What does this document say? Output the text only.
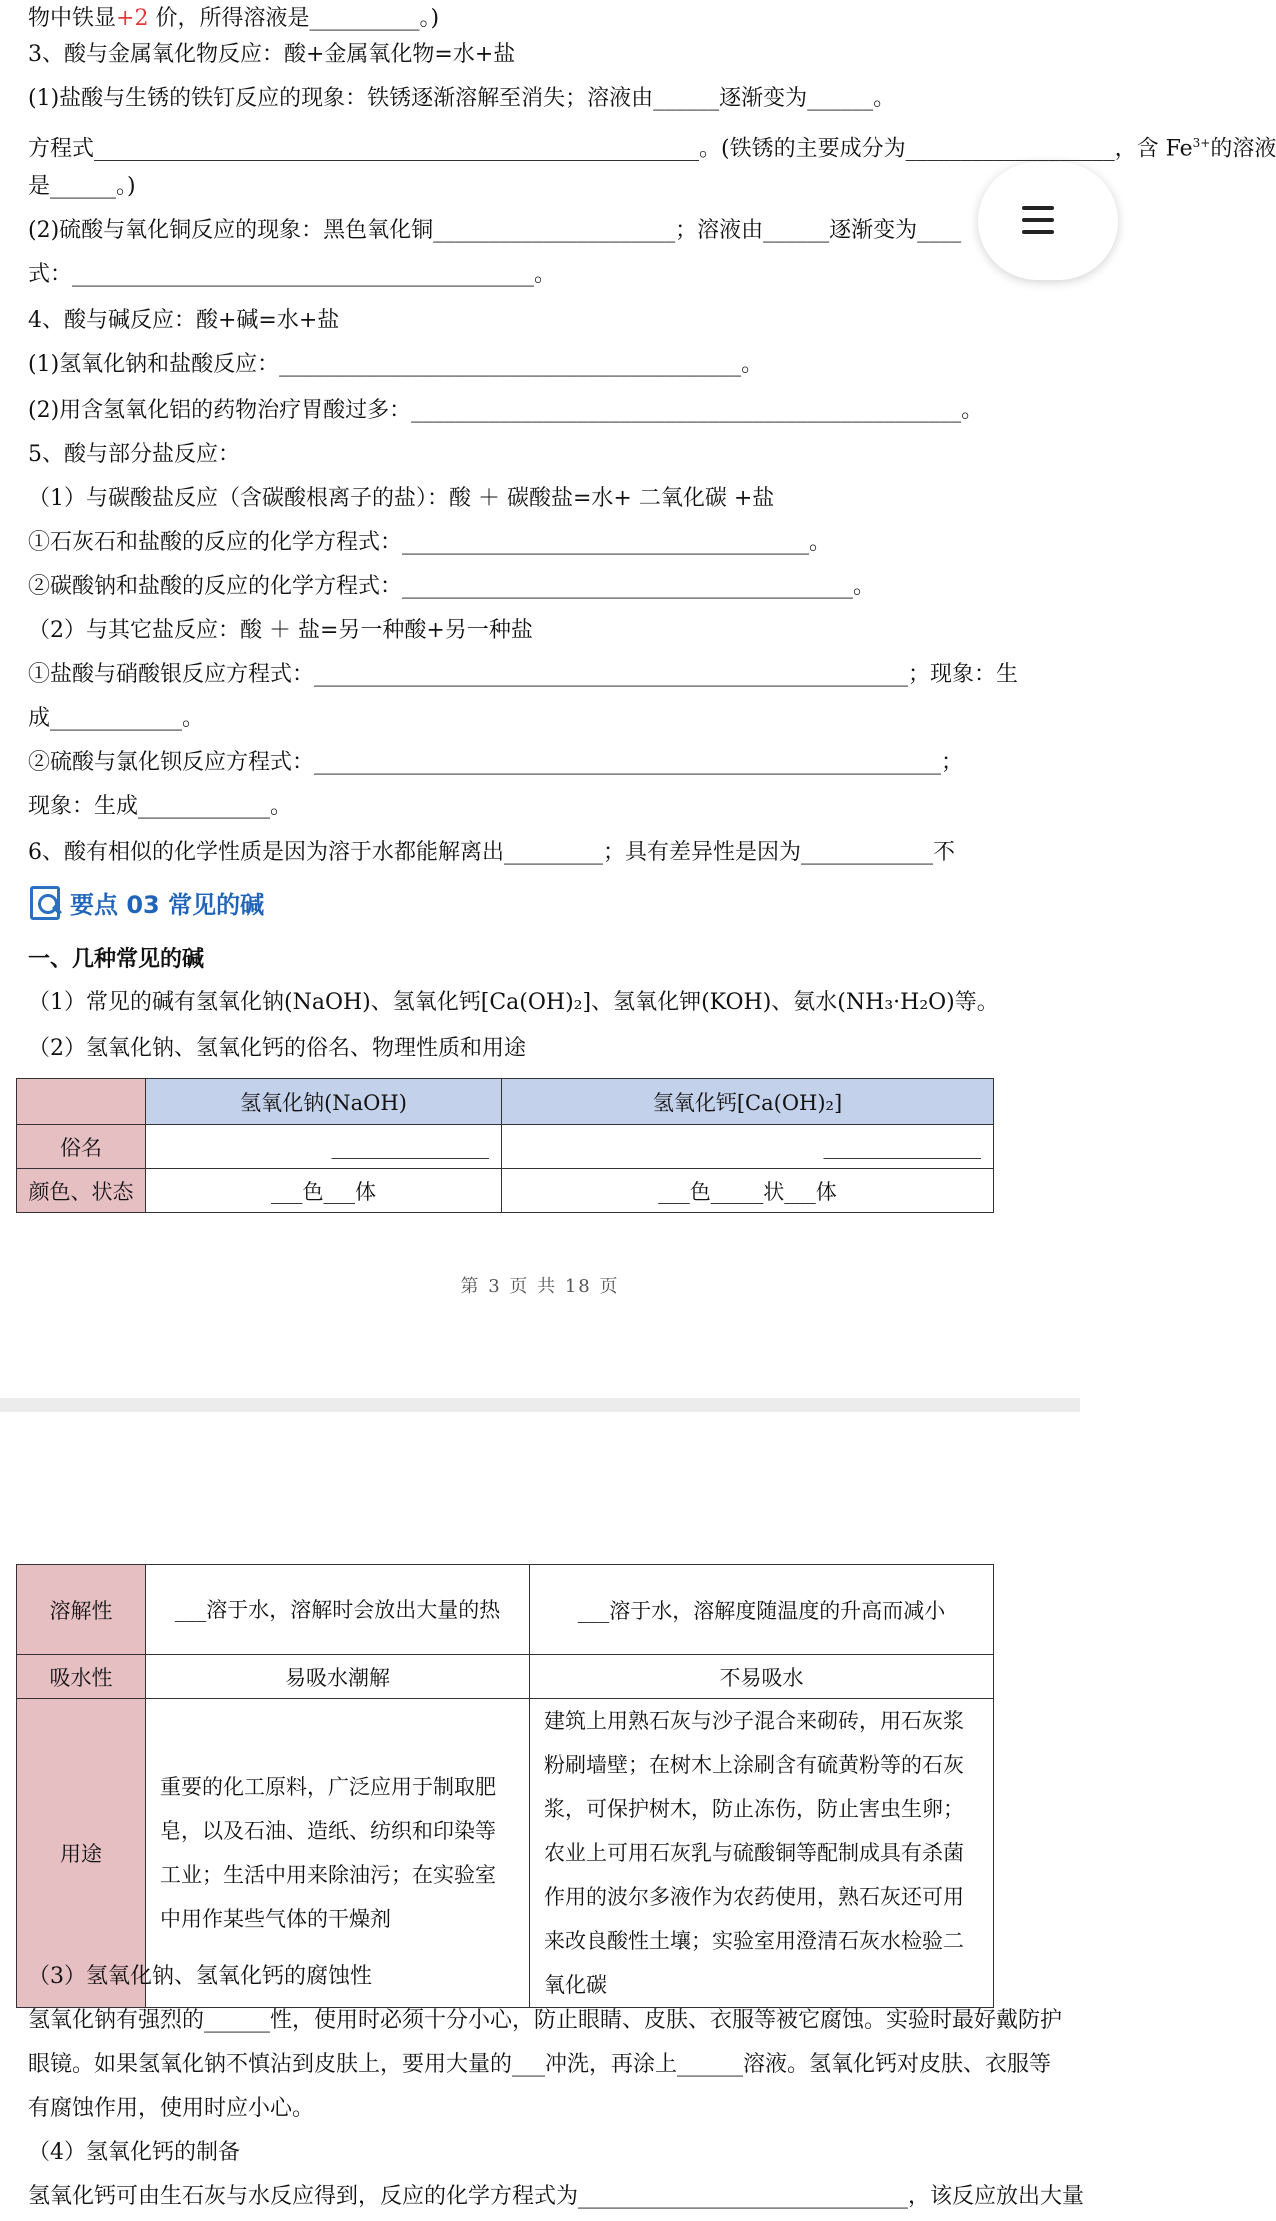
物中铁显+2 价，所得溶液是__________。)
3、酸与金属氧化物反应：酸+金属氧化物=水+盐
(1)盐酸与生锈的铁钉反应的现象：铁锈逐渐溶解至消失；溶液由______逐渐变为______。
方程式_______________________________________________________。(铁锈的主要成分为___________________，含 $Fe^{3+}$的溶液
是______。)
(2)硫酸与氧化铜反应的现象：黑色氧化铜______________________；溶液由______逐渐变为____
式：__________________________________________。
4、酸与碱反应：酸+碱=水+盐
(1)氢氧化钠和盐酸反应：__________________________________________。
(2)用含氢氧化铝的药物治疗胃酸过多：__________________________________________________。
5、酸与部分盐反应：
（1）与碳酸盐反应（含碳酸根离子的盐）：酸 ＋ 碳酸盐=水+ 二氧化碳 +盐
①石灰石和盐酸的反应的化学方程式：_____________________________________。
②碳酸钠和盐酸的反应的化学方程式：_________________________________________。
（2）与其它盐反应：酸 ＋ 盐=另一种酸+另一种盐
①盐酸与硝酸银反应方程式：______________________________________________________；现象：生
成____________。
②硫酸与氯化钡反应方程式：_________________________________________________________；
现象：生成____________。
6、酸有相似的化学性质是因为溶于水都能解离出_________；具有差异性是因为____________不
要点 03 常见的碱
一、几种常见的碱
（1）常见的碱有氢氧化钠(NaOH)、氢氧化钙[Ca(OH)₂]、氢氧化钾(KOH)、氨水(NH₃·H₂O)等。
（2）氢氧化钠、氢氧化钙的俗名、物理性质和用途
	氢氧化钠(NaOH)	氢氧化钙[Ca(OH)₂]
俗名	_______________	_______________
颜色、状态	___色___体	___色_____状___体
第 3 页 共 18 页
溶解性	___溶于水，溶解时会放出大量的热	___溶于水，溶解度随温度的升高而减小
吸水性	易吸水潮解	不易吸水
用途	重要的化工原料，广泛应用于制取肥皂，以及石油、造纸、纺织和印染等工业；生活中用来除油污；在实验室中用作某些气体的干燥剂	建筑上用熟石灰与沙子混合来砌砖，用石灰浆粉刷墙壁；在树木上涂刷含有硫黄粉等的石灰浆，可保护树木，防止冻伤，防止害虫生卵；农业上可用石灰乳与硫酸铜等配制成具有杀菌作用的波尔多液作为农药使用，熟石灰还可用来改良酸性土壤；实验室用澄清石灰水检验二氧化碳
（3）氢氧化钠、氢氧化钙的腐蚀性
氢氧化钠有强烈的______性，使用时必须十分小心，防止眼睛、皮肤、衣服等被它腐蚀。实验时最好戴防护
眼镜。如果氢氧化钠不慎沾到皮肤上，要用大量的___冲洗，再涂上______溶液。氢氧化钙对皮肤、衣服等
有腐蚀作用，使用时应小心。
（4）氢氧化钙的制备
氢氧化钙可由生石灰与水反应得到，反应的化学方程式为______________________________，该反应放出大量
